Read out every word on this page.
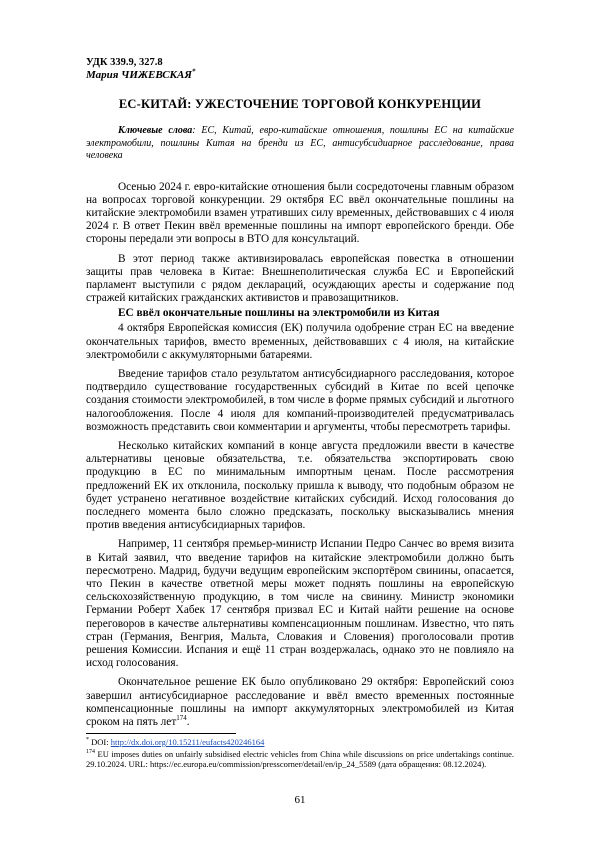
УДК 339.9, 327.8
Мария ЧИЖЕВСКАЯ*
ЕС-КИТАЙ: УЖЕСТОЧЕНИЕ ТОРГОВОЙ КОНКУРЕНЦИИ
Ключевые слова: ЕС, Китай, евро-китайские отношения, пошлины ЕС на китайские электромобили, пошлины Китая на бренди из ЕС, антисубсидиарное расследование, права человека

Осенью 2024 г. евро-китайские отношения были сосредоточены главным образом на вопросах торговой конкуренции. 29 октября ЕС ввёл окончательные пошлины на китайские электромобили взамен утративших силу временных, действовавших с 4 июля 2024 г. В ответ Пекин ввёл временные пошлины на импорт европейского бренди. Обе стороны передали эти вопросы в ВТО для консультаций.

В этот период также активизировалась европейская повестка в отношении защиты прав человека в Китае: Внешнеполитическая служба ЕС и Европейский парламент выступили с рядом деклараций, осуждающих аресты и содержание под стражей китайских гражданских активистов и правозащитников.

ЕС ввёл окончательные пошлины на электромобили из Китая

4 октября Европейская комиссия (ЕК) получила одобрение стран ЕС на введение окончательных тарифов, вместо временных, действовавших с 4 июля, на китайские электромобили с аккумуляторными батареями.

Введение тарифов стало результатом антисубсидиарного расследования, которое подтвердило существование государственных субсидий в Китае по всей цепочке создания стоимости электромобилей, в том числе в форме прямых субсидий и льготного налогообложения. После 4 июля для компаний-производителей предусматривалась возможность представить свои комментарии и аргументы, чтобы пересмотреть тарифы.

Несколько китайских компаний в конце августа предложили ввести в качестве альтернативы ценовые обязательства, т.е. обязательства экспортировать свою продукцию в ЕС по минимальным импортным ценам. После рассмотрения предложений ЕК их отклонила, поскольку пришла к выводу, что подобным образом не будет устранено негативное воздействие китайских субсидий. Исход голосования до последнего момента было сложно предсказать, поскольку высказывались мнения против введения антисубсидиарных тарифов.

Например, 11 сентября премьер-министр Испании Педро Санчес во время визита в Китай заявил, что введение тарифов на китайские электромобили должно быть пересмотрено. Мадрид, будучи ведущим европейским экспортёром свинины, опасается, что Пекин в качестве ответной меры может поднять пошлины на европейскую сельскохозяйственную продукцию, в том числе на свинину. Министр экономики Германии Роберт Хабек 17 сентября призвал ЕС и Китай найти решение на основе переговоров в качестве альтернативы компенсационным пошлинам. Известно, что пять стран (Германия, Венгрия, Мальта, Словакия и Словения) проголосовали против решения Комиссии. Испания и ещё 11 стран воздержалась, однако это не повлияло на исход голосования.

Окончательное решение ЕК было опубликовано 29 октября: Европейский союз завершил антисубсидиарное расследование и ввёл вместо временных постоянные компенсационные пошлины на импорт аккумуляторных электромобилей из Китая сроком на пять лет$^{174}$.

* DOI: http://dx.doi.org/10.15211/eufacts420246164
$^{174}$ EU imposes duties on unfairly subsidised electric vehicles from China while discussions on price undertakings continue. 29.10.2024. URL: https://ec.europa.eu/commission/presscorner/detail/en/ip_24_5589 (дата обращения: 08.12.2024).
61
